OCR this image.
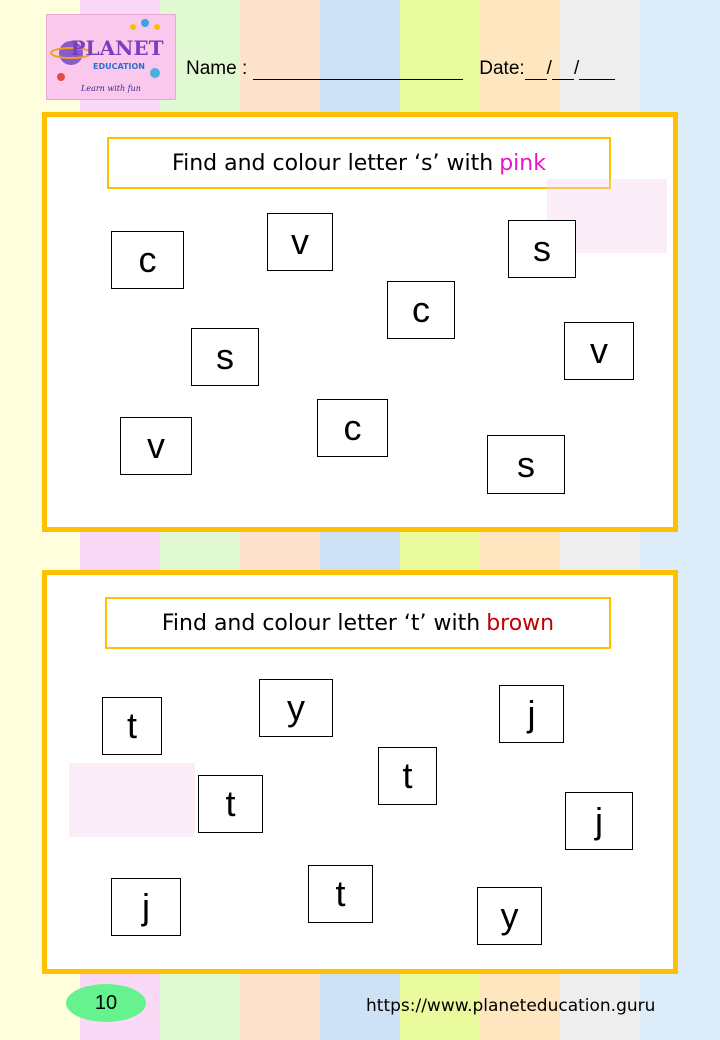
PLANET
EDUCATION
Learn with fun
Name :	Date: / /
Find and colour letter ‘s’ with pink
c	v	s
c
s	v
v	c
s
Find and colour letter ‘t’ with brown
t	y	j
t
t	j
j	t
y
10	https://www.planeteducation.guru
